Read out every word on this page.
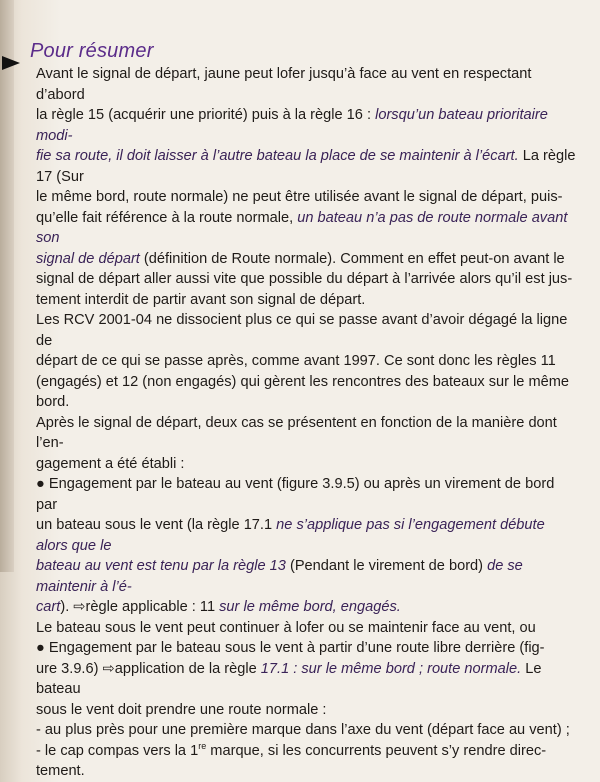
Pour résumer

Avant le signal de départ, jaune peut lofer jusqu’à face au vent en respectant d’abord

la règle 15 (acquérir une priorité) puis à la règle 16 : lorsqu’un bateau prioritaire modi-

fie sa route, il doit laisser à l’autre bateau la place de se maintenir à l’écart. La règle 17 (Sur

le même bord, route normale) ne peut être utilisée avant le signal de départ, puis-

qu’elle fait référence à la route normale, un bateau n’a pas de route normale avant son

signal de départ (définition de Route normale). Comment en effet peut-on avant le

signal de départ aller aussi vite que possible du départ à l’arrivée alors qu’il est jus-

tement interdit de partir avant son signal de départ.

Les RCV 2001-04 ne dissocient plus ce qui se passe avant d’avoir dégagé la ligne de

départ de ce qui se passe après, comme avant 1997. Ce sont donc les règles 11

(engagés) et 12 (non engagés) qui gèrent les rencontres des bateaux sur le même

bord.

Après le signal de départ, deux cas se présentent en fonction de la manière dont l’en-

gagement a été établi :

● Engagement par le bateau au vent (figure 3.9.5) ou après un virement de bord par

un bateau sous le vent (la règle 17.1 ne s’applique pas si l’engagement débute alors que le

bateau au vent est tenu par la règle 13 (Pendant le virement de bord) de se maintenir à l’é-

cart). ⇨règle applicable : 11 sur le même bord, engagés.

Le bateau sous le vent peut continuer à lofer ou se maintenir face au vent, ou

● Engagement par le bateau sous le vent à partir d’une route libre derrière (fig-

ure 3.9.6) ⇨application de la règle 17.1 : sur le même bord ; route normale. Le bateau

sous le vent doit prendre une route normale :

- au plus près pour une première marque dans l’axe du vent (départ face au vent) ;

- le cap compas vers la 1re marque, si les concurrents peuvent s’y rendre direc-

tement.
